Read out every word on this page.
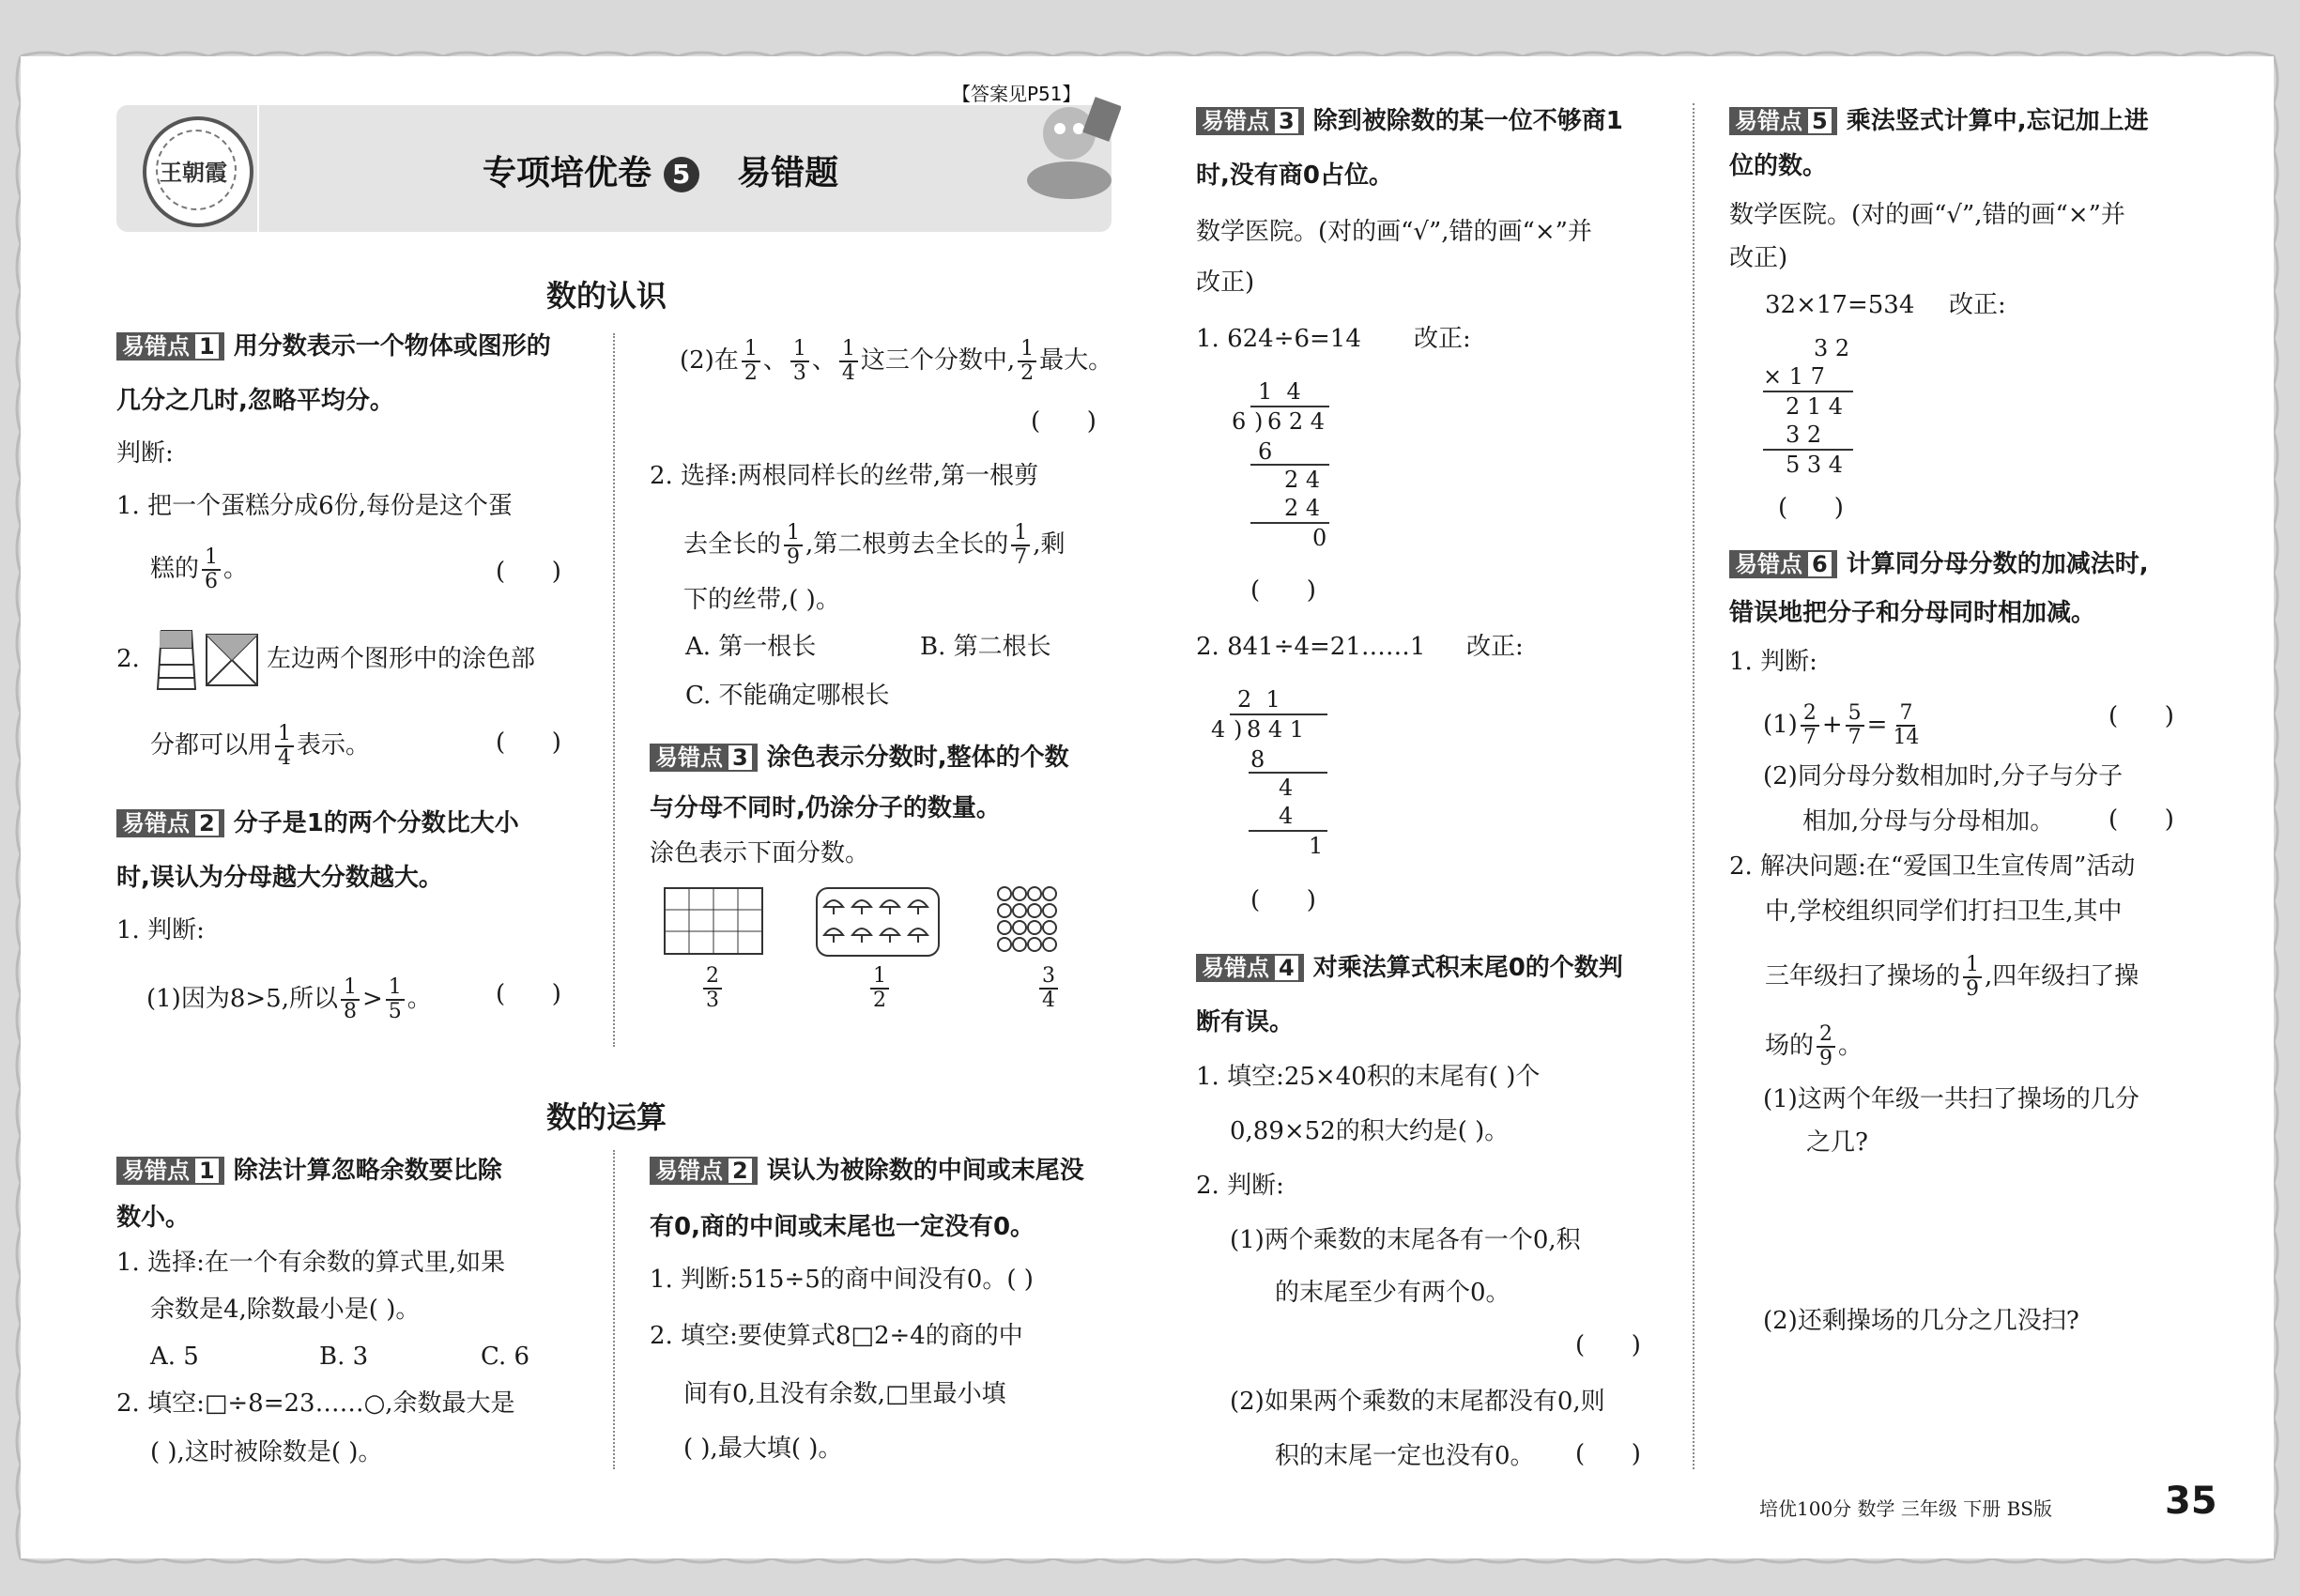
王朝霞	专项培优卷 5 易错题
【答案见P51】
数的认识
数的运算
易错点 1 用分数表示一个物体或图形的
几分之几时,忽略平均分。
判断:
1. 把一个蛋糕分成6份,每份是这个蛋
糕的 $\frac{1}{6}$ 。	(      )
2.	左边两个图形中的涂色部
分都可以用 $\frac{1}{4}$ 表示。	(      )
易错点 2 分子是1的两个分数比大小
时,误认为分母越大分数越大。
1. 判断:
(1)因为8>5,所以 $\frac{1}{8} > \frac{1}{5}$ 。	(      )
(2)在 $\frac{1}{2}$ 、 $\frac{1}{3}$ 、 $\frac{1}{4}$ 这三个分数中, $\frac{1}{2}$ 最大。
(      )
2. 选择:两根同样长的丝带,第一根剪
去全长的 $\frac{1}{9}$ ,第二根剪去全长的 $\frac{1}{7}$ ,剩
下的丝带,( )。
A. 第一根长	B. 第二根长
C. 不能确定哪根长
易错点 3 涂色表示分数时,整体的个数
与分母不同时,仍涂分子的数量。
涂色表示下面分数。
$\frac{2}{3}$	$\frac{1}{2}$	$\frac{3}{4}$
易错点 1 除法计算忽略余数要比除
数小。
1. 选择:在一个有余数的算式里,如果
余数是4,除数最小是( )。
A. 5	B. 3	C. 6
2. 填空:□÷8=23……○,余数最大是
( ),这时被除数是( )。
易错点 2 误认为被除数的中间或末尾没
有0,商的中间或末尾也一定没有0。
1. 判断:515÷5的商中间没有0。( )
2. 填空:要使算式8□2÷4的商的中
间有0,且没有余数,□里最小填
( ),最大填( )。
易错点 3 除到被除数的某一位不够商1
时,没有商0占位。
数学医院。(对的画“√”,错的画“×”并
改正)
1. 624÷6=14 改正:

1  4

6

)

6 2 4

6

2 4

2 4

0

(      )
2. 841÷4=21……1 改正:

2  1

4

)

8 4 1

8

4

4

1

(      )
易错点 4 对乘法算式积末尾0的个数判
断有误。
1. 填空:25×40积的末尾有( )个
0,89×52的积大约是( )。
2. 判断:
(1)两个乘数的末尾各有一个0,积
的末尾至少有两个0。
(      )
(2)如果两个乘数的末尾都没有0,则
积的末尾一定也没有0。 (      )
易错点 5 乘法竖式计算中,忘记加上进
位的数。
数学医院。(对的画“√”,错的画“×”并
改正)
32×17=534 改正:

3 2

× 1 7

2 1 4

3 2

5 3 4

(      )
易错点 6 计算同分母分数的加减法时,
错误地把分子和分母同时相加减。
1. 判断:
$(1) \frac{2}{7} + \frac{5}{7} = \frac{7}{14}$	(      )
(2)同分母分数相加时,分子与分子
相加,分母与分母相加。 (      )
2. 解决问题:在“爱国卫生宣传周”活动
中,学校组织同学们打扫卫生,其中
三年级扫了操场的 $\frac{1}{9}$ ,四年级扫了操
场的 $\frac{2}{9}$ 。
(1)这两个年级一共扫了操场的几分
之几?
(2)还剩操场的几分之几没扫?
培优100分 数学 三年级 下册 BS版	35
